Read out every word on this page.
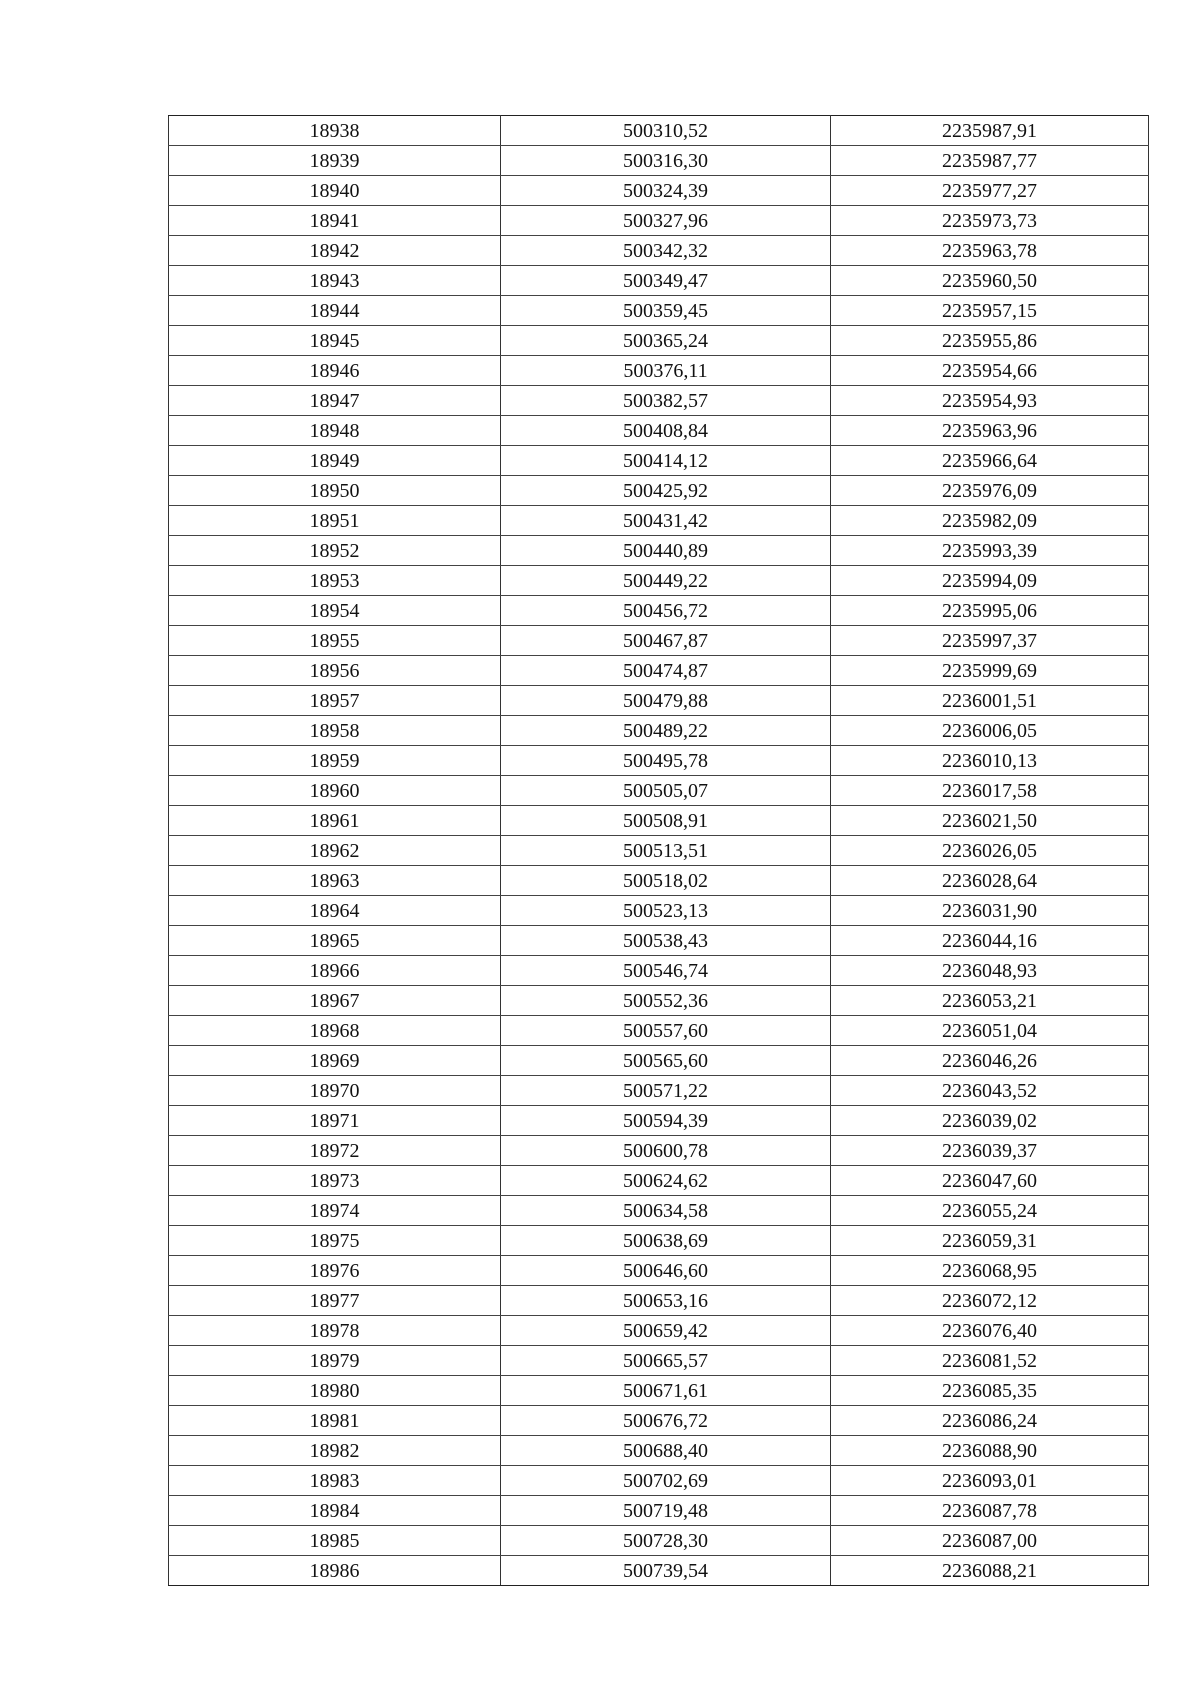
18938	500310,52	2235987,91
18939	500316,30	2235987,77
18940	500324,39	2235977,27
18941	500327,96	2235973,73
18942	500342,32	2235963,78
18943	500349,47	2235960,50
18944	500359,45	2235957,15
18945	500365,24	2235955,86
18946	500376,11	2235954,66
18947	500382,57	2235954,93
18948	500408,84	2235963,96
18949	500414,12	2235966,64
18950	500425,92	2235976,09
18951	500431,42	2235982,09
18952	500440,89	2235993,39
18953	500449,22	2235994,09
18954	500456,72	2235995,06
18955	500467,87	2235997,37
18956	500474,87	2235999,69
18957	500479,88	2236001,51
18958	500489,22	2236006,05
18959	500495,78	2236010,13
18960	500505,07	2236017,58
18961	500508,91	2236021,50
18962	500513,51	2236026,05
18963	500518,02	2236028,64
18964	500523,13	2236031,90
18965	500538,43	2236044,16
18966	500546,74	2236048,93
18967	500552,36	2236053,21
18968	500557,60	2236051,04
18969	500565,60	2236046,26
18970	500571,22	2236043,52
18971	500594,39	2236039,02
18972	500600,78	2236039,37
18973	500624,62	2236047,60
18974	500634,58	2236055,24
18975	500638,69	2236059,31
18976	500646,60	2236068,95
18977	500653,16	2236072,12
18978	500659,42	2236076,40
18979	500665,57	2236081,52
18980	500671,61	2236085,35
18981	500676,72	2236086,24
18982	500688,40	2236088,90
18983	500702,69	2236093,01
18984	500719,48	2236087,78
18985	500728,30	2236087,00
18986	500739,54	2236088,21
